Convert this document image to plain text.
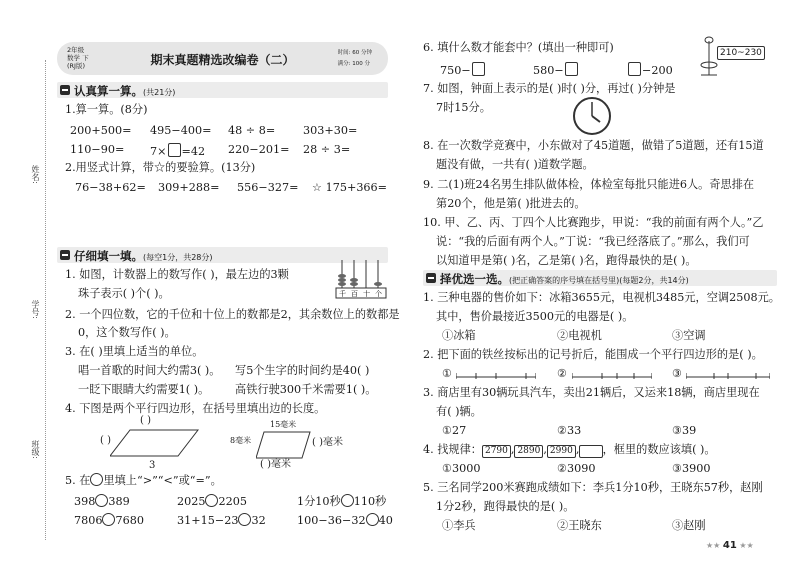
姓名:
学号:
班级:
2年级
数学 下
(RJ版)	期末真题精选改编卷（二）	时间: 60 分钟
满分: 100 分
认真算一算。(共21分)
1.算一算。(8分)
200+500= 495−400= 48 ÷ 8= 303+30=
110−90= 7× =42 220−201= 28 ÷ 3=
2.用竖式计算，带☆的要验算。(13分)
76−38+62= 309+288= 556−327= ☆ 175+366=
仔细填一填。(每空1分，共28分)
1. 如图，计数器上的数写作( )，最左边的3颗
珠子表示( )个( )。	千 百 十 个
2. 一个四位数，它的千位和十位上的数都是2，其余数位上的数都是
0，这个数写作( )。
3. 在( )里填上适当的单位。
唱一首歌的时间大约需3( )。 写5个生字的时间约是40( )
一眨下眼睛大约需要1( )。 高铁行驶300千米需要1( )。
4. 下图是两个平行四边形，在括号里填出边的长度。
( )
( )
3
15毫米
8毫米	( )毫米
( )毫米
5. 在 里填上“>”“<”或“=”。
398 389	2025 2205	1分10秒 110秒
7806 7680	31+15−23 32	100−36−32 40
6. 填什么数才能套中？(填出一种即可)
750−	580−	−200
210~230
7. 如图，钟面上表示的是( )时( )分，再过( )分钟是
7时15分。
8. 在一次数学竞赛中，小东做对了45道题，做错了5道题，还有15道
题没有做，一共有( )道数学题。
9. 二(1)班24名男生排队做体检，体检室每批只能进6人。奇思排在
第20个，他是第( )批进去的。
10. 甲、乙、丙、丁四个人比赛跑步，甲说：“我的前面有两个人。”乙
说：“我的后面有两个人。”丁说：“我已经落底了。”那么，我们可
以知道甲是第( )名，乙是第( )名，跑得最快的是( )。
择优选一选。(把正确答案的序号填在括号里)(每题2分，共14分)
1. 三种电器的售价如下：冰箱3655元，电视机3485元，空调2508元。
其中，售价最接近3500元的电器是( )。
①冰箱	②电视机	③空调
2. 把下面的铁丝按标出的记号折后，能围成一个平行四边形的是( )。
①	②	③
3. 商店里有30辆玩具汽车，卖出21辆后，又运来18辆，商店里现在
有( )辆。
①27	②33	③39
4. 找规律： 2790 , 2890 , 2990 , ，框里的数应该填( )。
①3000	②3090	③3900
5. 三名同学200米赛跑成绩如下：李兵1分10秒，王晓东57秒，赵刚
1分2秒，跑得最快的是( )。
①李兵	②王晓东	③赵刚
★★ 41 ★★
